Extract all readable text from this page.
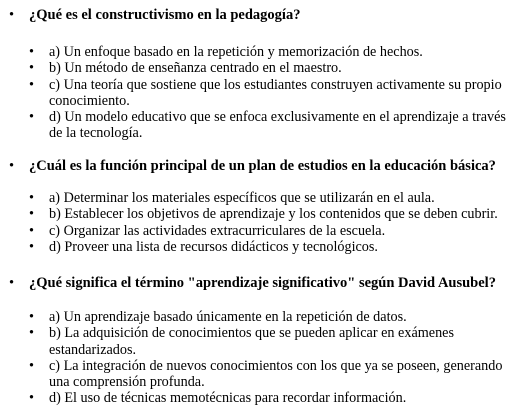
• ¿Qué es el constructivismo en la pedagogía?
• a) Un enfoque basado en la repetición y memorización de hechos.
• b) Un método de enseñanza centrado en el maestro.
• c) Una teoría que sostiene que los estudiantes construyen activamente su propio conocimiento.
• d) Un modelo educativo que se enfoca exclusivamente en el aprendizaje a través de la tecnología.
• ¿Cuál es la función principal de un plan de estudios en la educación básica?
• a) Determinar los materiales específicos que se utilizarán en el aula.
• b) Establecer los objetivos de aprendizaje y los contenidos que se deben cubrir.
• c) Organizar las actividades extracurriculares de la escuela.
• d) Proveer una lista de recursos didácticos y tecnológicos.
• ¿Qué significa el término "aprendizaje significativo" según David Ausubel?
• a) Un aprendizaje basado únicamente en la repetición de datos.
• b) La adquisición de conocimientos que se pueden aplicar en exámenes estandarizados.
• c) La integración de nuevos conocimientos con los que ya se poseen, generando una comprensión profunda.
• d) El uso de técnicas memotécnicas para recordar información.
